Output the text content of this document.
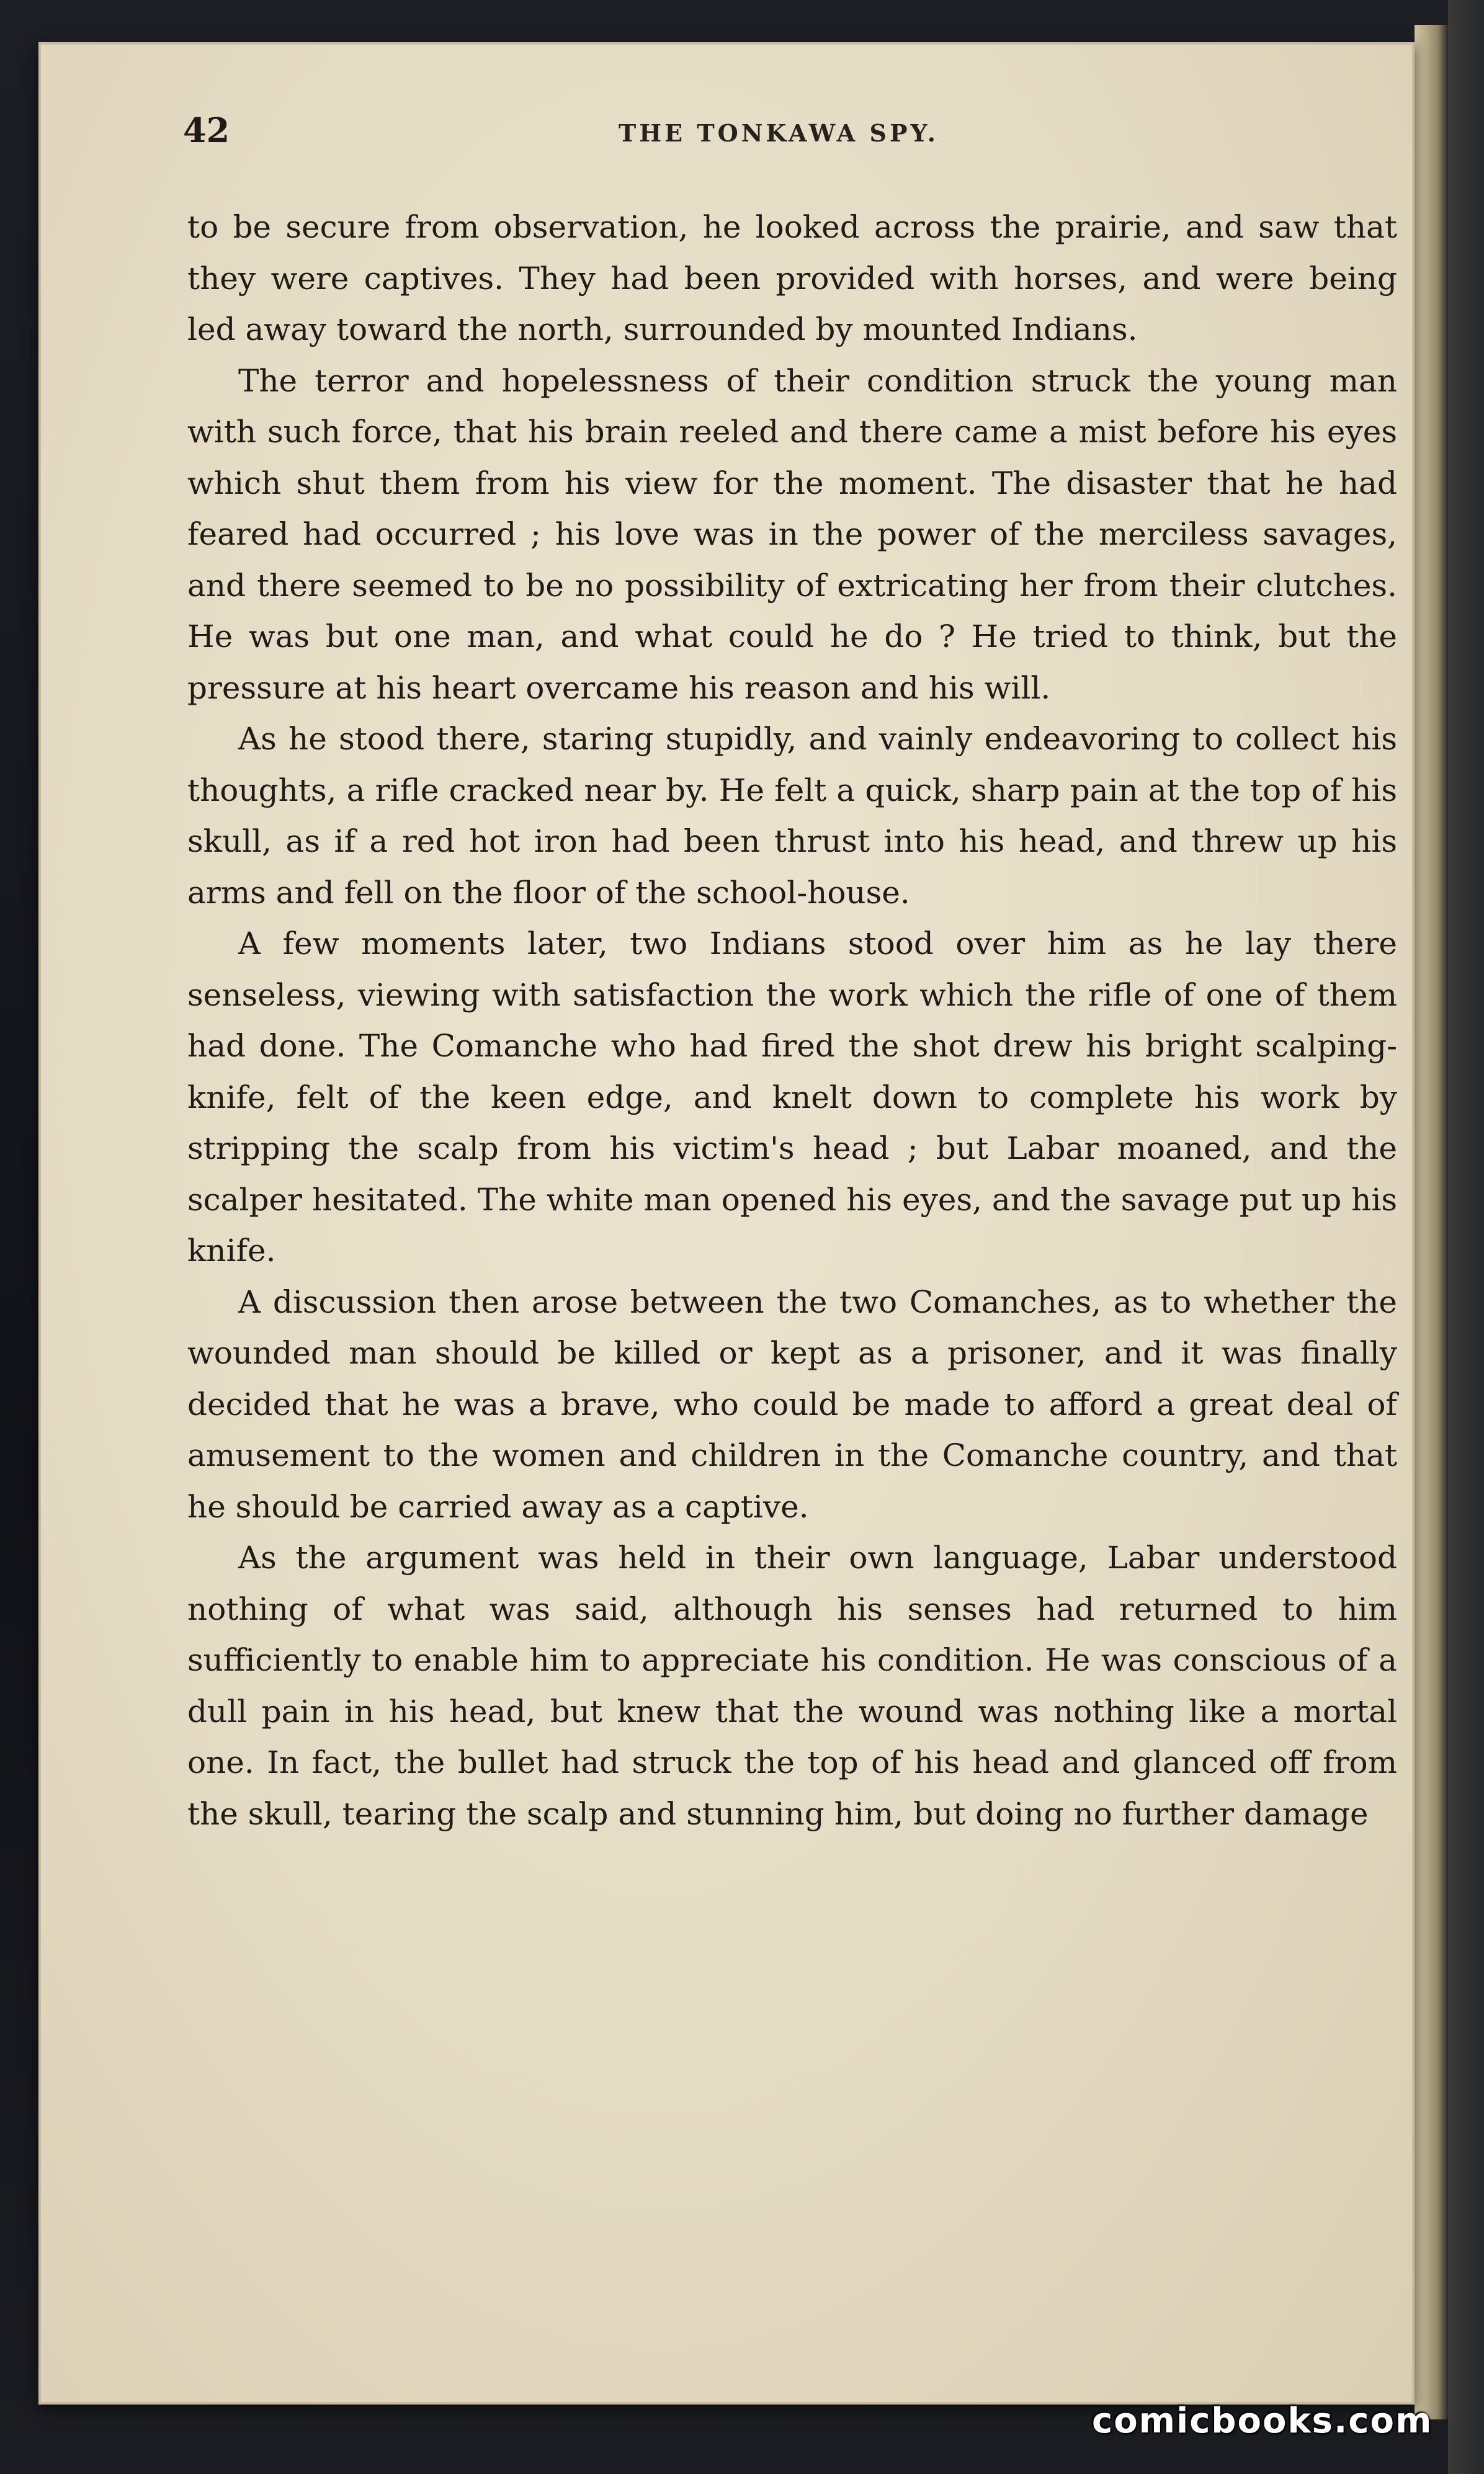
42	THE TONKAWA SPY.

to be secure from observation, he looked across the prairie, and saw that they were captives. They had been provided with horses, and were being led away toward the north, surrounded by mounted Indians.

The terror and hopelessness of their condition struck the young man with such force, that his brain reeled and there came a mist before his eyes which shut them from his view for the moment. The disaster that he had feared had occurred ; his love was in the power of the merciless savages, and there seemed to be no possibility of extricating her from their clutches. He was but one man, and what could he do ? He tried to think, but the pressure at his heart overcame his reason and his will.

As he stood there, staring stupidly, and vainly endeavoring to collect his thoughts, a rifle cracked near by. He felt a quick, sharp pain at the top of his skull, as if a red hot iron had been thrust into his head, and threw up his arms and fell on the floor of the school-house.

A few moments later, two Indians stood over him as he lay there senseless, viewing with satisfaction the work which the rifle of one of them had done. The Comanche who had fired the shot drew his bright scalping-knife, felt of the keen edge, and knelt down to complete his work by stripping the scalp from his victim's head ; but Labar moaned, and the scalper hesitated. The white man opened his eyes, and the savage put up his knife.

A discussion then arose between the two Comanches, as to whether the wounded man should be killed or kept as a prisoner, and it was finally decided that he was a brave, who could be made to afford a great deal of amusement to the women and children in the Comanche country, and that he should be carried away as a captive.

As the argument was held in their own language, Labar understood nothing of what was said, although his senses had returned to him sufficiently to enable him to appreciate his condition. He was conscious of a dull pain in his head, but knew that the wound was nothing like a mortal one. In fact, the bullet had struck the top of his head and glanced off from the skull, tearing the scalp and stunning him, but doing no further damage

comicbooks.com
